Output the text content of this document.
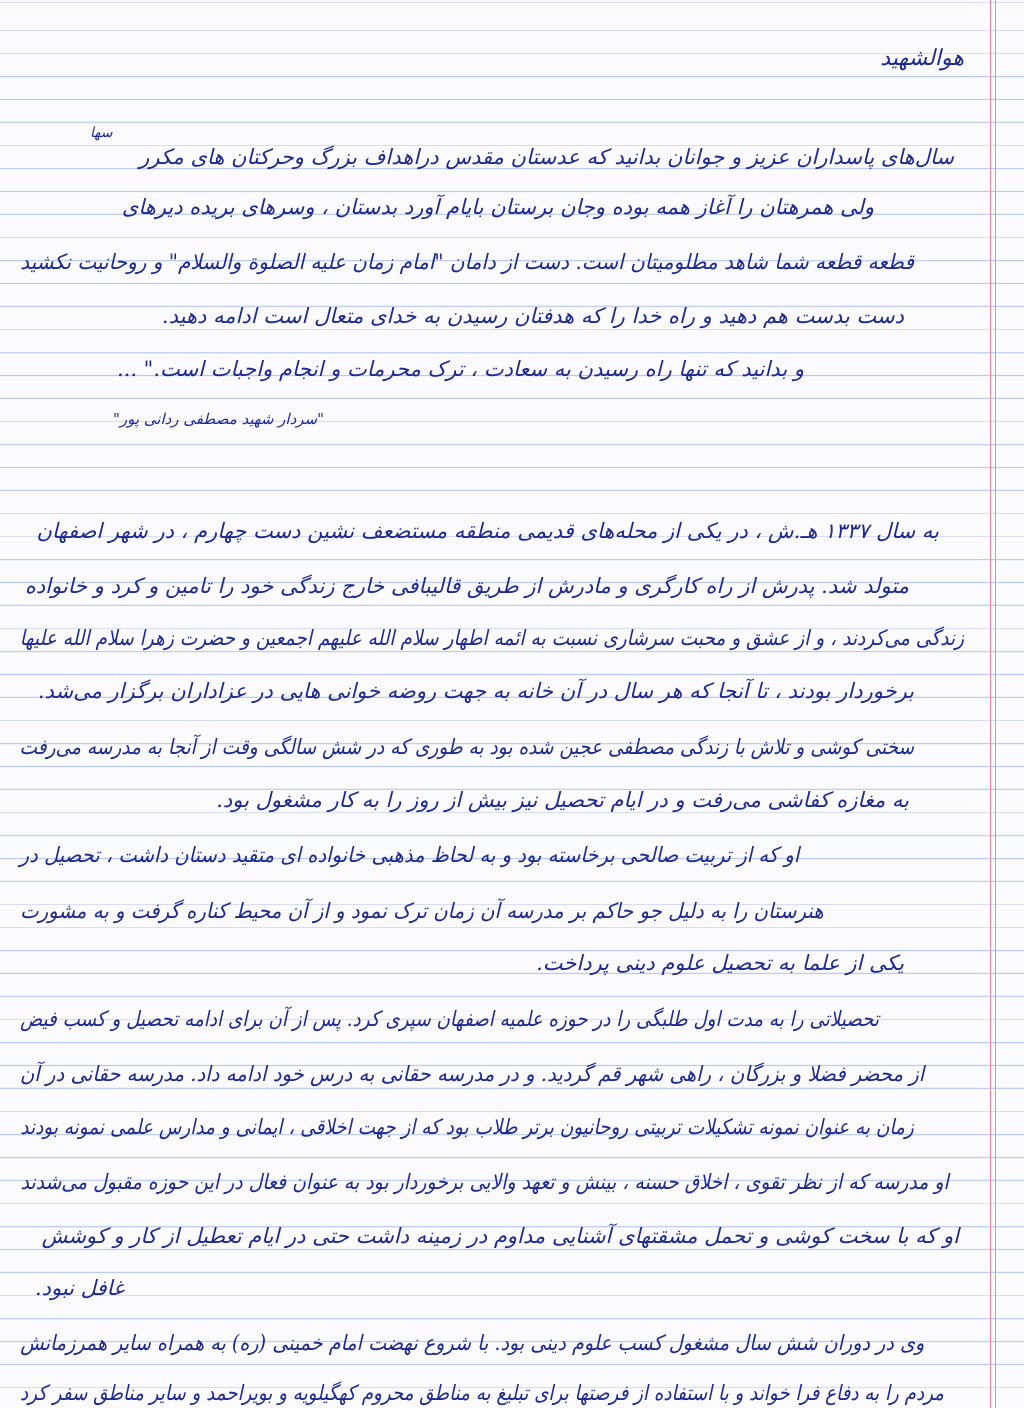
هوالشهید
سها
سال‌های پاسداران عزیز و جوانان بدانید که عدستان مقدس دراهداف بزرگ وحرکتان های مکرر
ولی همرهتان را آغاز همه بوده وجان برستان بایام آورد بدستان ، وسرهای بریده دیرهای
قطعه قطعه شما شاهد مطلومیتان است. دست از دامان "امام زمان علیه الصلوة والسلام" و روحانیت نکشید
دست بدست هم دهید و راه خدا را که هدفتان رسیدن به خدای متعال است ادامه دهید.
و بدانید که تنها راه رسیدن به سعادت ، ترک محرمات و انجام واجبات است." ...
"سردار شهید مصطفی ردانی پور"
به سال ۱۳۳۷ هـ.ش ، در یکی از محله‌های قدیمی منطقه مستضعف نشین دست چهارم ، در شهر اصفهان
متولد شد. پدرش از راه کارگری و مادرش از طریق قالیبافی خارج زندگی خود را تامین و کرد و خانواده
زندگی می‌کردند ، و از عشق و محبت سرشاری نسبت به ائمه اطهار سلام الله علیهم اجمعین و حضرت زهرا سلام الله علیها
برخوردار بودند ، تا آنجا که هر سال در آن خانه به جهت روضه خوانی هایی در عزاداران برگزار می‌شد.
سختی کوشی و تلاش با زندگی مصطفی عجین شده بود به طوری که در شش سالگی وقت از آنجا به مدرسه می‌رفت
به مغازه کفاشی می‌رفت و در ایام تحصیل نیز بیش از روز را به کار مشغول بود.
او که از تربیت صالحی برخاسته بود و به لحاظ مذهبی خانواده ای متقید دستان داشت ، تحصیل در
هنرستان را به دلیل جو حاکم بر مدرسه آن زمان ترک نمود و از آن محیط کناره گرفت و به مشورت
یکی از علما به تحصیل علوم دینی پرداخت.
تحصیلاتی را به مدت اول طلبگی را در حوزه علمیه اصفهان سپری کرد. پس از آن برای ادامه تحصیل و کسب فیض
از محضر فضلا و بزرگان ، راهی شهر قم گردید. و در مدرسه حقانی به درس خود ادامه داد. مدرسه حقانی در آن
زمان به عنوان نمونه تشکیلات تربیتی روحانیون برتر طلاب بود که از جهت اخلاقی ، ایمانی و مدارس علمی نمونه بودند
او مدرسه که از نظر تقوی ، اخلاق حسنه ، بینش و تعهد والایی برخوردار بود به عنوان فعال در این حوزه مقبول می‌شدند
او که با سخت کوشی و تحمل مشقتهای آشنایی مداوم در زمینه داشت حتی در ایام تعطیل از کار و کوشش
غافل نبود.
وی در دوران شش سال مشغول کسب علوم دینی بود. با شروع نهضت امام خمینی (ره) به همراه سایر همرزمانش
مردم را به دفاع فرا خواند و با استفاده از فرصتها برای تبلیغ به مناطق محروم کهگیلویه و بویراحمد و سایر مناطق سفر کرد
